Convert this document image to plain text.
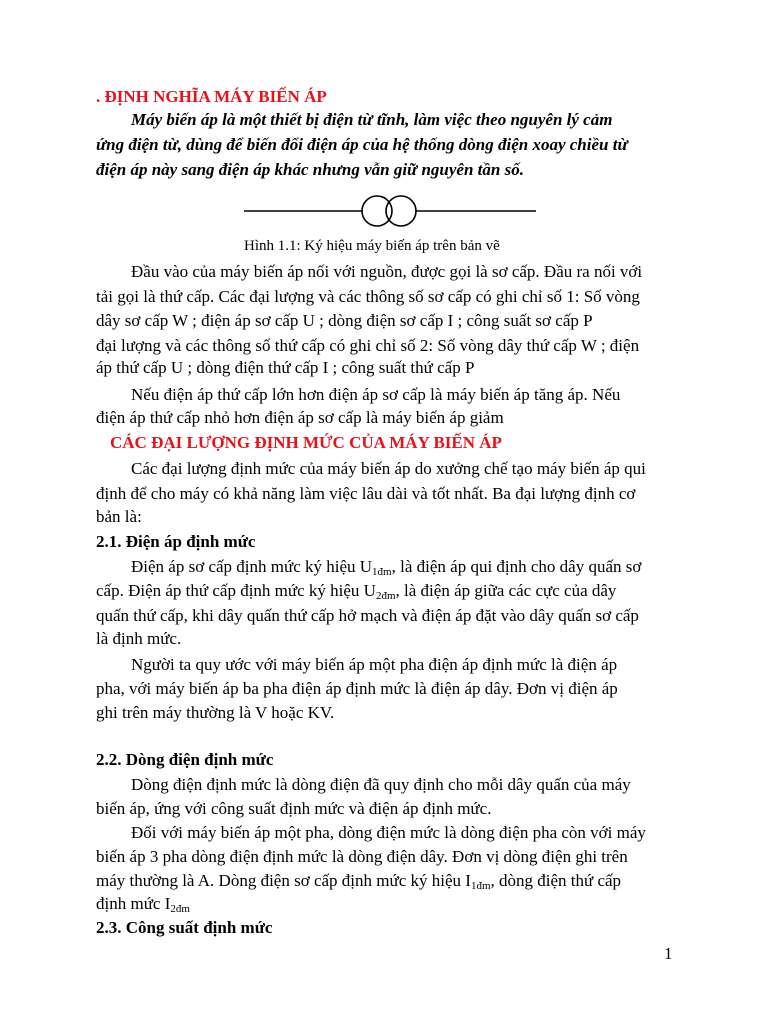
. ĐỊNH NGHĨA MÁY BIẾN ÁP
Máy biến áp là một thiết bị điện từ tĩnh, làm việc theo nguyên lý cảm
ứng điện từ, dùng để biến đổi điện áp của hệ thống dòng điện xoay chiều từ
điện áp này sang điện áp khác nhưng vẫn giữ nguyên tần số.
Hình 1.1: Ký hiệu máy biến áp trên bản vẽ
Đầu vào của máy biến áp nối với nguồn, được gọi là sơ cấp. Đầu ra nối với
tải gọi là thứ cấp. Các đại lượng và các thông số sơ cấp có ghi chỉ số 1: Số vòng
dây sơ cấp W ; điện áp sơ cấp U ; dòng điện sơ cấp I ; công suất sơ cấp P
đại lượng và các thông số thứ cấp có ghi chỉ số 2: Số vòng dây thứ cấp W ; điện
áp thứ cấp U ; dòng điện thứ cấp I ; công suất thứ cấp P
Nếu điện áp thứ cấp lớn hơn điện áp sơ cấp là máy biến áp tăng áp. Nếu
điện áp thứ cấp nhỏ hơn điện áp sơ cấp là máy biến áp giảm
CÁC ĐẠI LƯỢNG ĐỊNH MỨC CỦA MÁY BIẾN ÁP
Các đại lượng định mức của máy biến áp do xưởng chế tạo máy biến áp qui
định để cho máy có khả năng làm việc lâu dài và tốt nhất. Ba đại lượng định cơ
bản là:
2.1. Điện áp định mức
Điện áp sơ cấp định mức ký hiệu $U_{1đm}$, là điện áp qui định cho dây quấn sơ
cấp. Điện áp thứ cấp định mức ký hiệu $U_{2đm}$, là điện áp giữa các cực của dây
quấn thứ cấp, khi dây quấn thứ cấp hở mạch và điện áp đặt vào dây quấn sơ cấp
là định mức.
Người ta quy ước với máy biến áp một pha điện áp định mức là điện áp
pha, với máy biến áp ba pha điện áp định mức là điện áp dây. Đơn vị điện áp
ghi trên máy thường là V hoặc KV.
2.2. Dòng điện định mức
Dòng điện định mức là dòng điện đã quy định cho mỗi dây quấn của máy
biến áp, ứng với công suất định mức và điện áp định mức.
Đối với máy biến áp một pha, dòng điện mức là dòng điện pha còn với máy
biến áp 3 pha dòng điện định mức là dòng điện dây. Đơn vị dòng điện ghi trên
máy thường là A. Dòng điện sơ cấp định mức ký hiệu $I_{1đm}$, dòng điện thứ cấp
định mức $I_{2đm}$
2.3. Công suất định mức
1
